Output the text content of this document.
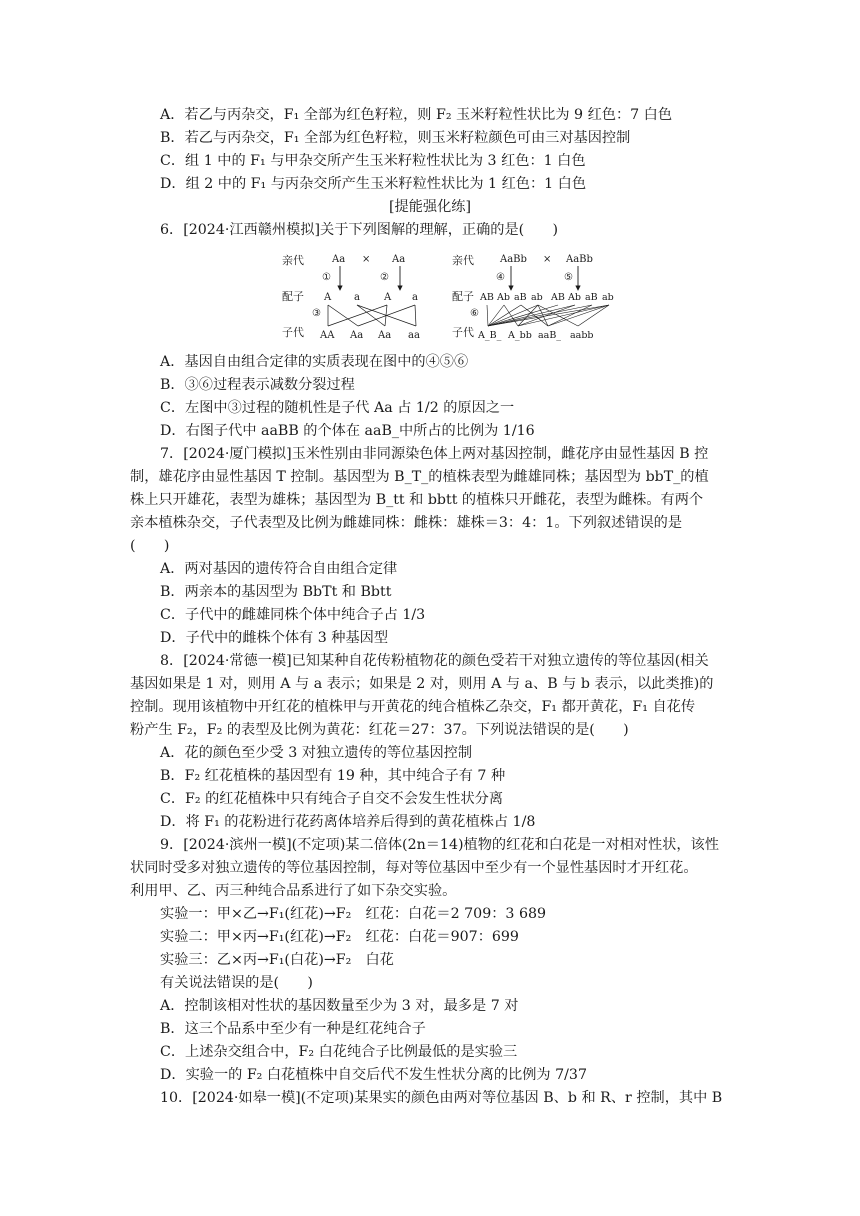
A．若乙与丙杂交，F₁ 全部为红色籽粒，则 F₂ 玉米籽粒性状比为 9 红色：7 白色
B．若乙与丙杂交，F₁ 全部为红色籽粒，则玉米籽粒颜色可由三对基因控制
C．组 1 中的 F₁ 与甲杂交所产生玉米籽粒性状比为 3 红色：1 白色
D．组 2 中的 F₁ 与丙杂交所产生玉米籽粒性状比为 1 红色：1 白色
[提能强化练]
6．[2024·江西赣州模拟]关于下列图解的理解，正确的是(　　)
亲代
配子
子代
Aa × Aa
①	②
③
A a A a
AA Aa Aa aa
亲代
配子
子代
AaBb × AaBb
④	⑤
⑥
AB Ab aB ab AB Ab aB ab
A_B_ A_bb aaB_ aabb
A．基因自由组合定律的实质表现在图中的④⑤⑥
B．③⑥过程表示减数分裂过程
C．左图中③过程的随机性是子代 Aa 占 1/2 的原因之一
D．右图子代中 aaBB 的个体在 aaB_中所占的比例为 1/16
7．[2024·厦门模拟]玉米性别由非同源染色体上两对基因控制，雌花序由显性基因 B 控
制，雄花序由显性基因 T 控制。基因型为 B_T_的植株表型为雌雄同株；基因型为 bbT_的植
株上只开雄花，表型为雄株；基因型为 B_tt 和 bbtt 的植株只开雌花，表型为雌株。有两个
亲本植株杂交，子代表型及比例为雌雄同株：雌株：雄株＝3：4：1。下列叙述错误的是
(　　)
A．两对基因的遗传符合自由组合定律
B．两亲本的基因型为 BbTt 和 Bbtt
C．子代中的雌雄同株个体中纯合子占 1/3
D．子代中的雌株个体有 3 种基因型
8．[2024·常德一模]已知某种自花传粉植物花的颜色受若干对独立遗传的等位基因(相关
基因如果是 1 对，则用 A 与 a 表示；如果是 2 对，则用 A 与 a、B 与 b 表示，以此类推)的
控制。现用该植物中开红花的植株甲与开黄花的纯合植株乙杂交，F₁ 都开黄花，F₁ 自花传
粉产生 F₂，F₂ 的表型及比例为黄花：红花＝27：37。下列说法错误的是(　　)
A．花的颜色至少受 3 对独立遗传的等位基因控制
B．F₂ 红花植株的基因型有 19 种，其中纯合子有 7 种
C．F₂ 的红花植株中只有纯合子自交不会发生性状分离
D．将 F₁ 的花粉进行花药离体培养后得到的黄花植株占 1/8
9．[2024·滨州一模](不定项)某二倍体(2n＝14)植物的红花和白花是一对相对性状，该性
状同时受多对独立遗传的等位基因控制，每对等位基因中至少有一个显性基因时才开红花。
利用甲、乙、丙三种纯合品系进行了如下杂交实验。
实验一：甲×乙→F₁(红花)→F₂　红花：白花＝2 709：3 689
实验二：甲×丙→F₁(红花)→F₂　红花：白花＝907：699
实验三：乙×丙→F₁(白花)→F₂　白花
有关说法错误的是(　　)
A．控制该相对性状的基因数量至少为 3 对，最多是 7 对
B．这三个品系中至少有一种是红花纯合子
C．上述杂交组合中，F₂ 白花纯合子比例最低的是实验三
D．实验一的 F₂ 白花植株中自交后代不发生性状分离的比例为 7/37
10．[2024·如皋一模](不定项)某果实的颜色由两对等位基因 B、b 和 R、r 控制，其中 B
